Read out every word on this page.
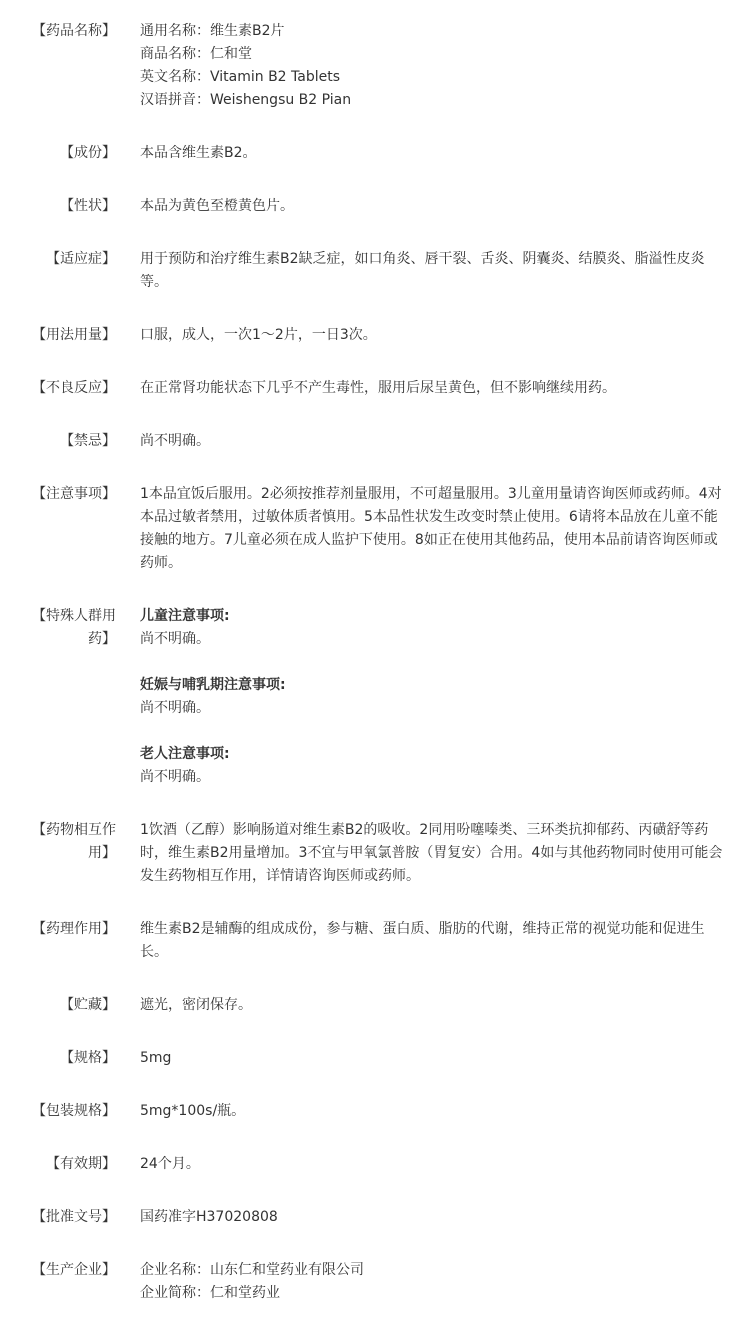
【药品名称】 通用名称：维生素B2片
商品名称：仁和堂
英文名称：Vitamin B2 Tablets
汉语拼音：Weishengsu B2 Pian
【成份】 本品含维生素B2。
【性状】 本品为黄色至橙黄色片。
【适应症】 用于预防和治疗维生素B2缺乏症，如口角炎、唇干裂、舌炎、阴囊炎、结膜炎、脂溢性皮炎
等。
【用法用量】 口服，成人，一次1～2片，一日3次。
【不良反应】 在正常肾功能状态下几乎不产生毒性，服用后尿呈黄色，但不影响继续用药。
【禁忌】 尚不明确。
【注意事项】 1本品宜饭后服用。2必须按推荐剂量服用，不可超量服用。3儿童用量请咨询医师或药师。4对
本品过敏者禁用，过敏体质者慎用。5本品性状发生改变时禁止使用。6请将本品放在儿童不能
接触的地方。7儿童必须在成人监护下使用。8如正在使用其他药品，使用本品前请咨询医师或
药师。
【特殊人群用
药】
儿童注意事项:
尚不明确。
妊娠与哺乳期注意事项:
尚不明确。
老人注意事项:
尚不明确。
【药物相互作
用】
1饮酒（乙醇）影响肠道对维生素B2的吸收。2同用吩噻嗪类、三环类抗抑郁药、丙磺舒等药
时，维生素B2用量增加。3不宜与甲氧氯普胺（胃复安）合用。4如与其他药物同时使用可能会
发生药物相互作用，详情请咨询医师或药师。
【药理作用】 维生素B2是辅酶的组成成份，参与糖、蛋白质、脂肪的代谢，维持正常的视觉功能和促进生
长。
【贮藏】 遮光，密闭保存。
【规格】 5mg
【包装规格】 5mg*100s/瓶。
【有效期】 24个月。
【批准文号】 国药准字H37020808
【生产企业】 企业名称：山东仁和堂药业有限公司
企业简称：仁和堂药业
